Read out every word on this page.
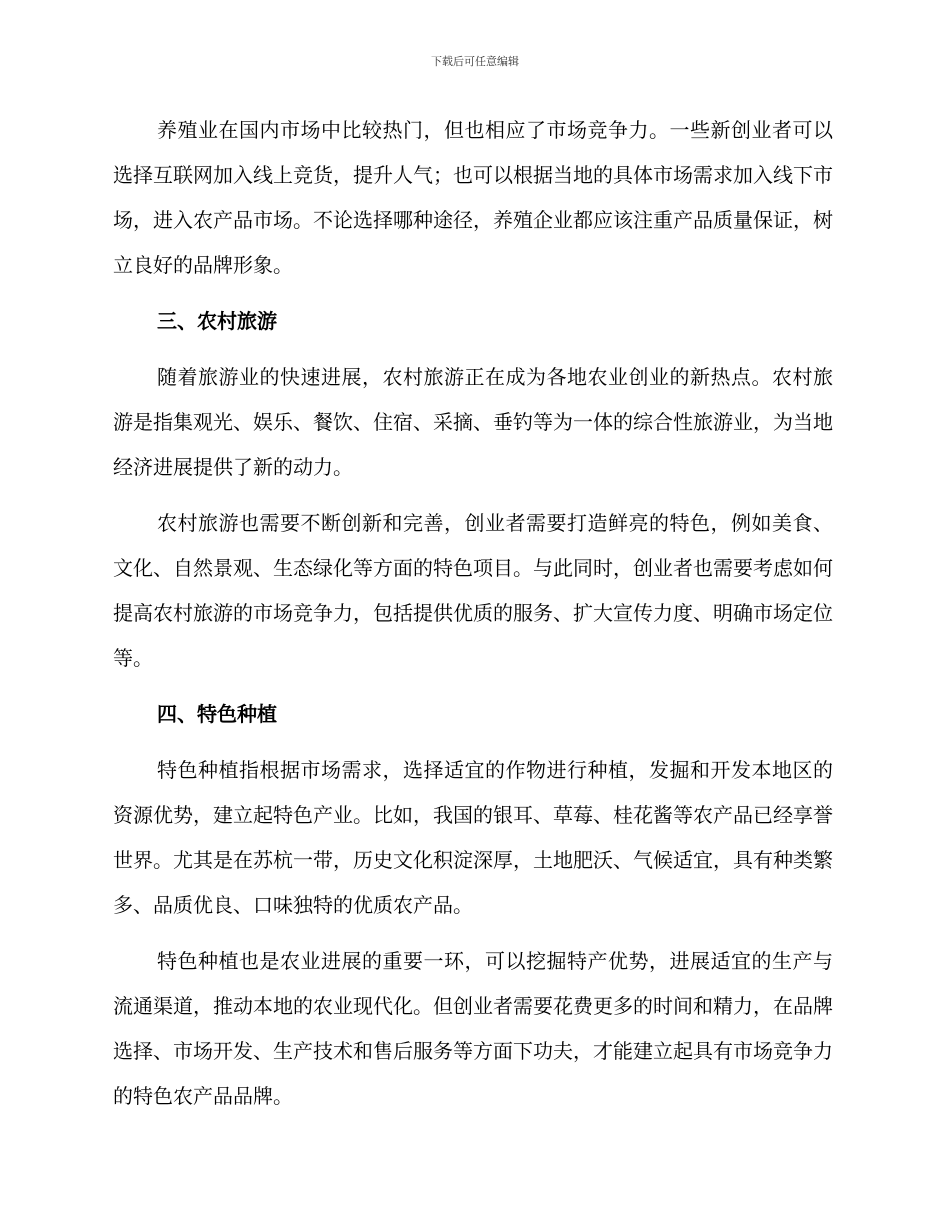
下载后可任意编辑

养殖业在国内市场中比较热门，但也相应了市场竞争力。一些新创业者可以选择互联网加入线上竞货，提升人气；也可以根据当地的具体市场需求加入线下市场，进入农产品市场。不论选择哪种途径，养殖企业都应该注重产品质量保证，树立良好的品牌形象。

三、农村旅游

随着旅游业的快速进展，农村旅游正在成为各地农业创业的新热点。农村旅游是指集观光、娱乐、餐饮、住宿、采摘、垂钓等为一体的综合性旅游业，为当地经济进展提供了新的动力。

农村旅游也需要不断创新和完善，创业者需要打造鲜亮的特色，例如美食、文化、自然景观、生态绿化等方面的特色项目。与此同时，创业者也需要考虑如何提高农村旅游的市场竞争力，包括提供优质的服务、扩大宣传力度、明确市场定位等。

四、特色种植

特色种植指根据市场需求，选择适宜的作物进行种植，发掘和开发本地区的资源优势，建立起特色产业。比如，我国的银耳、草莓、桂花酱等农产品已经享誉世界。尤其是在苏杭一带，历史文化积淀深厚，土地肥沃、气候适宜，具有种类繁多、品质优良、口味独特的优质农产品。

特色种植也是农业进展的重要一环，可以挖掘特产优势，进展适宜的生产与流通渠道，推动本地的农业现代化。但创业者需要花费更多的时间和精力，在品牌选择、市场开发、生产技术和售后服务等方面下功夫，才能建立起具有市场竞争力的特色农产品品牌。
